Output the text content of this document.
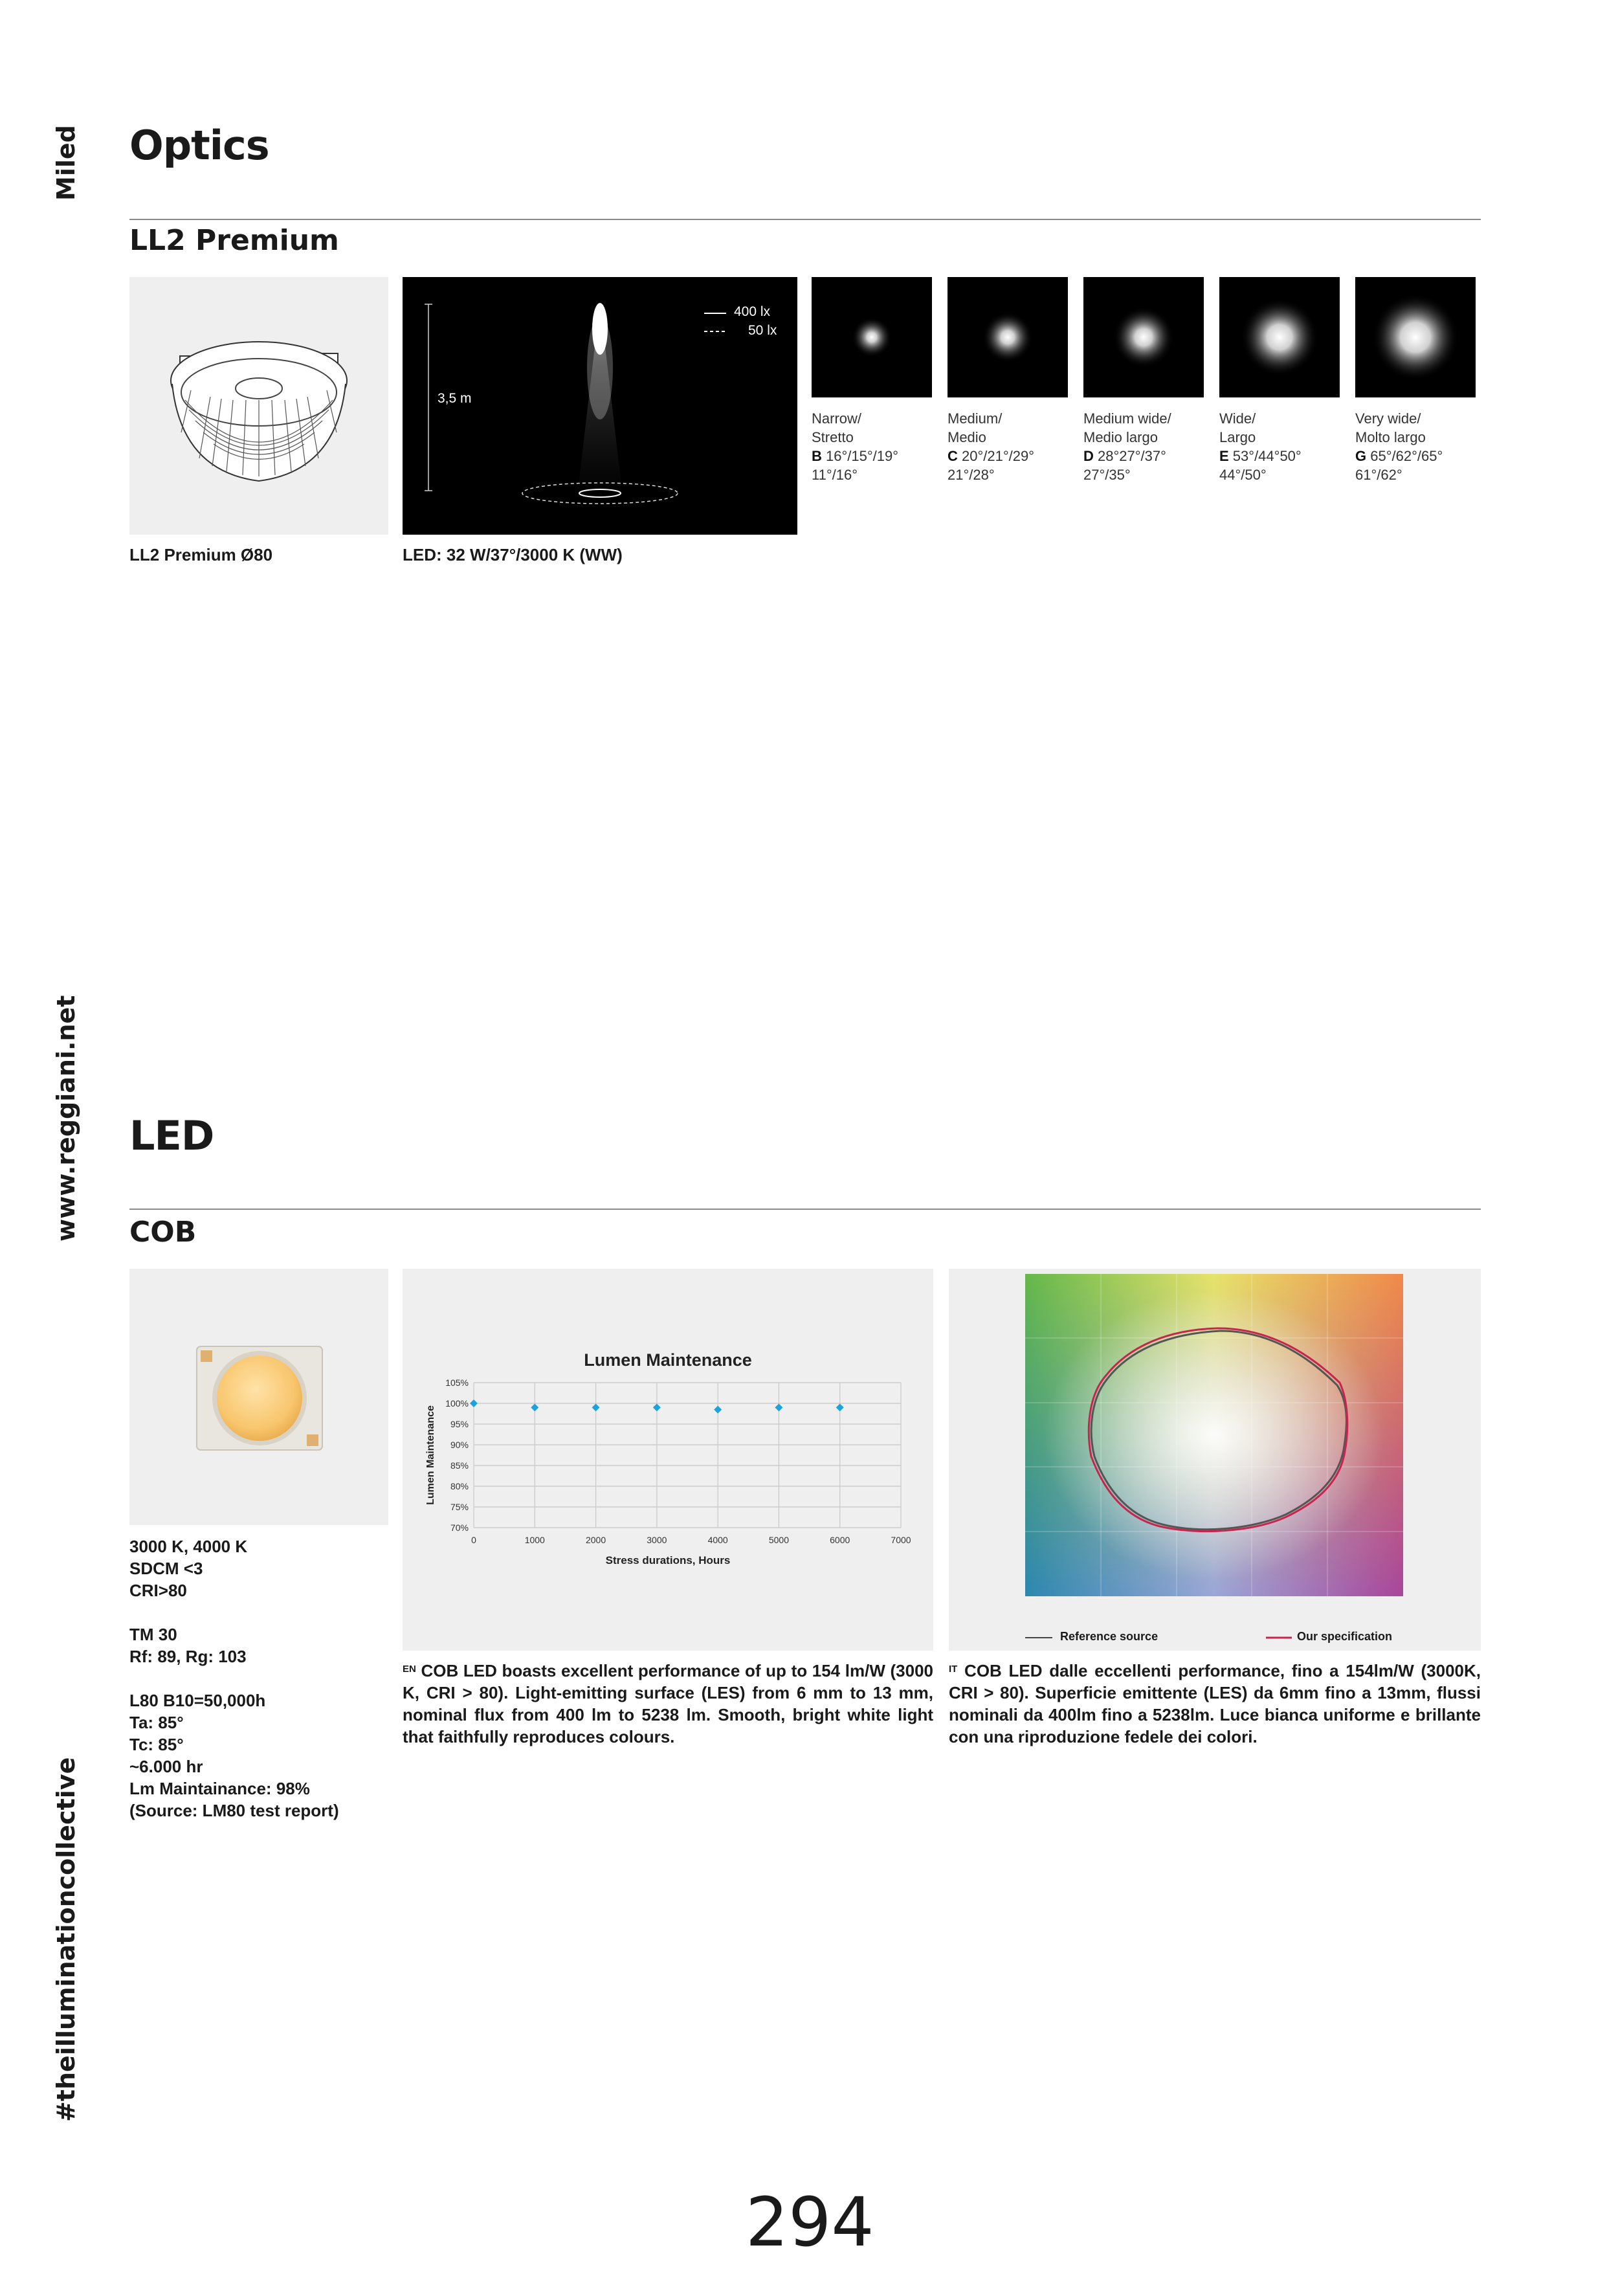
Miled
www.reggiani.net
#theilluminationcollective
Optics
LL2 Premium
400 lx
50 lx
3,5 m
Narrow/
Stretto
B 16°/15°/19°
11°/16°
Medium/
Medio
C 20°/21°/29°
21°/28°
Medium wide/
Medio largo
D 28°27°/37°
27°/35°
Wide/
Largo
E 53°/44°50°
44°/50°
Very wide/
Molto largo
G 65°/62°/65°
61°/62°
LL2 Premium Ø80	LED: 32 W/37°/3000 K (WW)
LED
COB
70%
75%
80%
85%
90%
95%
100%
105%
0	1000	2000	3000	4000	5000	6000	7000
Lumen Maintenance
Stress durations, Hours
Lumen Maintenance
Reference source	Our specification
3000 K, 4000 K
SDCM <3
CRI>80
TM 30
Rf: 89, Rg: 103
L80 B10=50,000h
Ta: 85°
Tc: 85°
~6.000 hr
Lm Maintainance: 98%
(Source: LM80 test report)
$^{EN}$ COB LED boasts excellent performance of up to 154 lm/W (3000 K, CRI > 80). Light-emitting surface (LES) from 6 mm to 13 mm, nominal flux from 400 lm to 5238 lm. Smooth, bright white light that faithfully reproduces colours.
$^{IT}$ COB LED dalle eccellenti performance, fino a 154lm/W (3000K, CRI > 80). Superficie emittente (LES) da 6mm fino a 13mm, flussi nominali da 400lm fino a 5238lm. Luce bianca uniforme e brillante con una riproduzione fedele dei colori.
294
